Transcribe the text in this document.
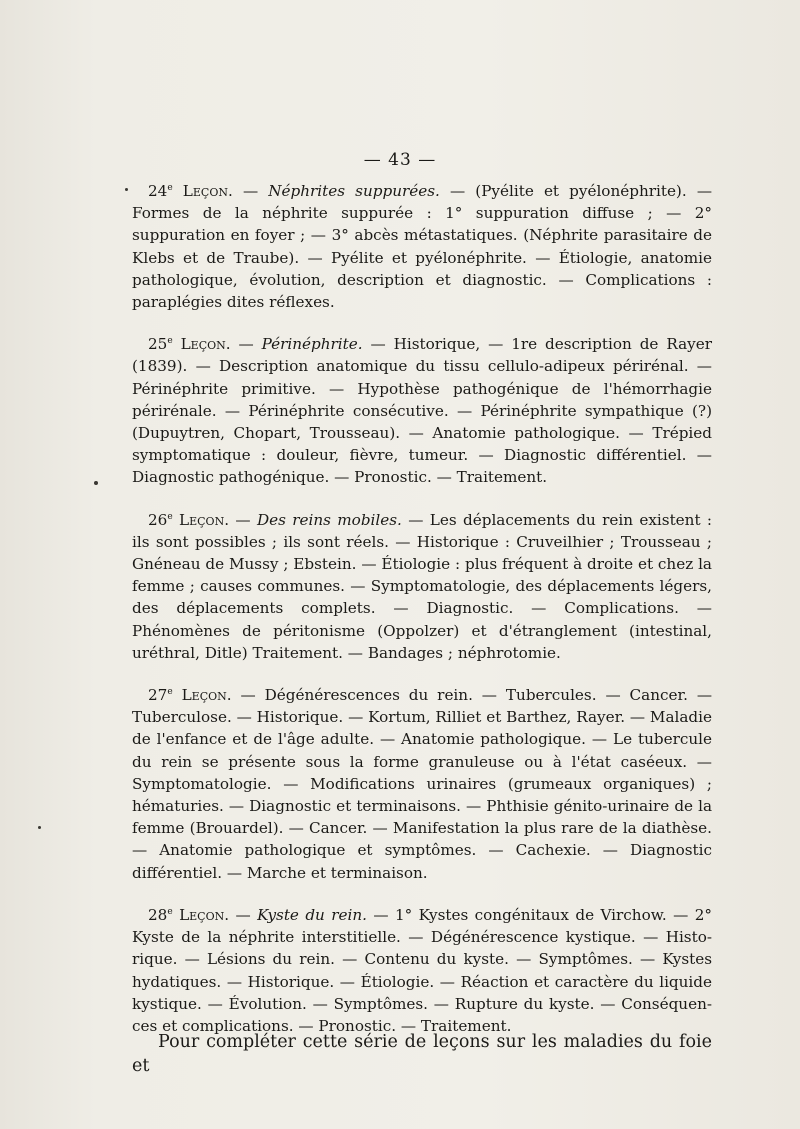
— 43 —

24e Leçon. — Néphrites suppurées. — (Pyélite et pyélonéphrite). — Formes de la néphrite suppurée : 1° suppuration diffuse ; — 2° suppuration en foyer ; — 3° abcès métastatiques. (Néphrite parasitaire de Klebs et de Traube). — Pyélite et pyélonéphrite. — Étiologie, anatomie pathologique, évolution, description et diagnostic. — Complications : paraplégies dites réflexes.

25e Leçon. — Périnéphrite. — Historique, — 1re description de Rayer (1839). — Description anatomique du tissu cellulo-adipeux périrénal. — Périnéphrite primitive. — Hypothèse pathogénique de l'hémorrhagie périrénale. — Périnéphrite consécutive. — Périnéphrite sympathique (?) (Dupuytren, Chopart, Trousseau). — Anatomie pathologique. — Trépied symptomatique : douleur, fièvre, tumeur. — Diagnostic différentiel. — Diagnostic pathogénique. — Pronostic. — Traitement.

26e Leçon. — Des reins mobiles. — Les déplacements du rein existent : ils sont possibles ; ils sont réels. — Historique : Cruveilhier ; Trousseau ; Gnéneau de Mussy ; Ebstein. — Étiologie : plus fréquent à droite et chez la femme ; causes communes. — Symptomatologie, des déplacements légers, des déplacements complets. — Diagnostic. — Complications. — Phénomènes de péritonisme (Oppolzer) et d'étranglement (intestinal, uréthral, Ditle) Traitement. — Bandages ; néphrotomie.

27e Leçon. — Dégénérescences du rein. — Tubercules. — Cancer. — Tuberculose. — Historique. — Kortum, Rilliet et Barthez, Rayer. — Maladie de l'enfance et de l'âge adulte. — Anatomie pathologique. — Le tubercule du rein se présente sous la forme granuleuse ou à l'état caséeux. — Symptomatologie. — Modifications urinaires (grumeaux organiques) ; hématuries. — Diagnostic et terminaisons. — Phthisie génito-urinaire de la femme (Brouardel). — Cancer. — Manifestation la plus rare de la diathèse. — Anatomie pathologique et symptômes. — Cachexie. — Diagnostic différentiel. — Marche et terminaison.

28e Leçon. — Kyste du rein. — 1° Kystes congénitaux de Virchow. — 2° Kyste de la néphrite interstitielle. — Dégénérescence kystique. — Historique. — Lésions du rein. — Contenu du kyste. — Symptômes. — Kystes hydatiques. — Historique. — Étiologie. — Réaction et caractère du liquide kystique. — Évolution. — Symptômes. — Rupture du kyste. — Conséquences et complications. — Pronostic. — Traitement.

Pour compléter cette série de leçons sur les maladies du foie et
